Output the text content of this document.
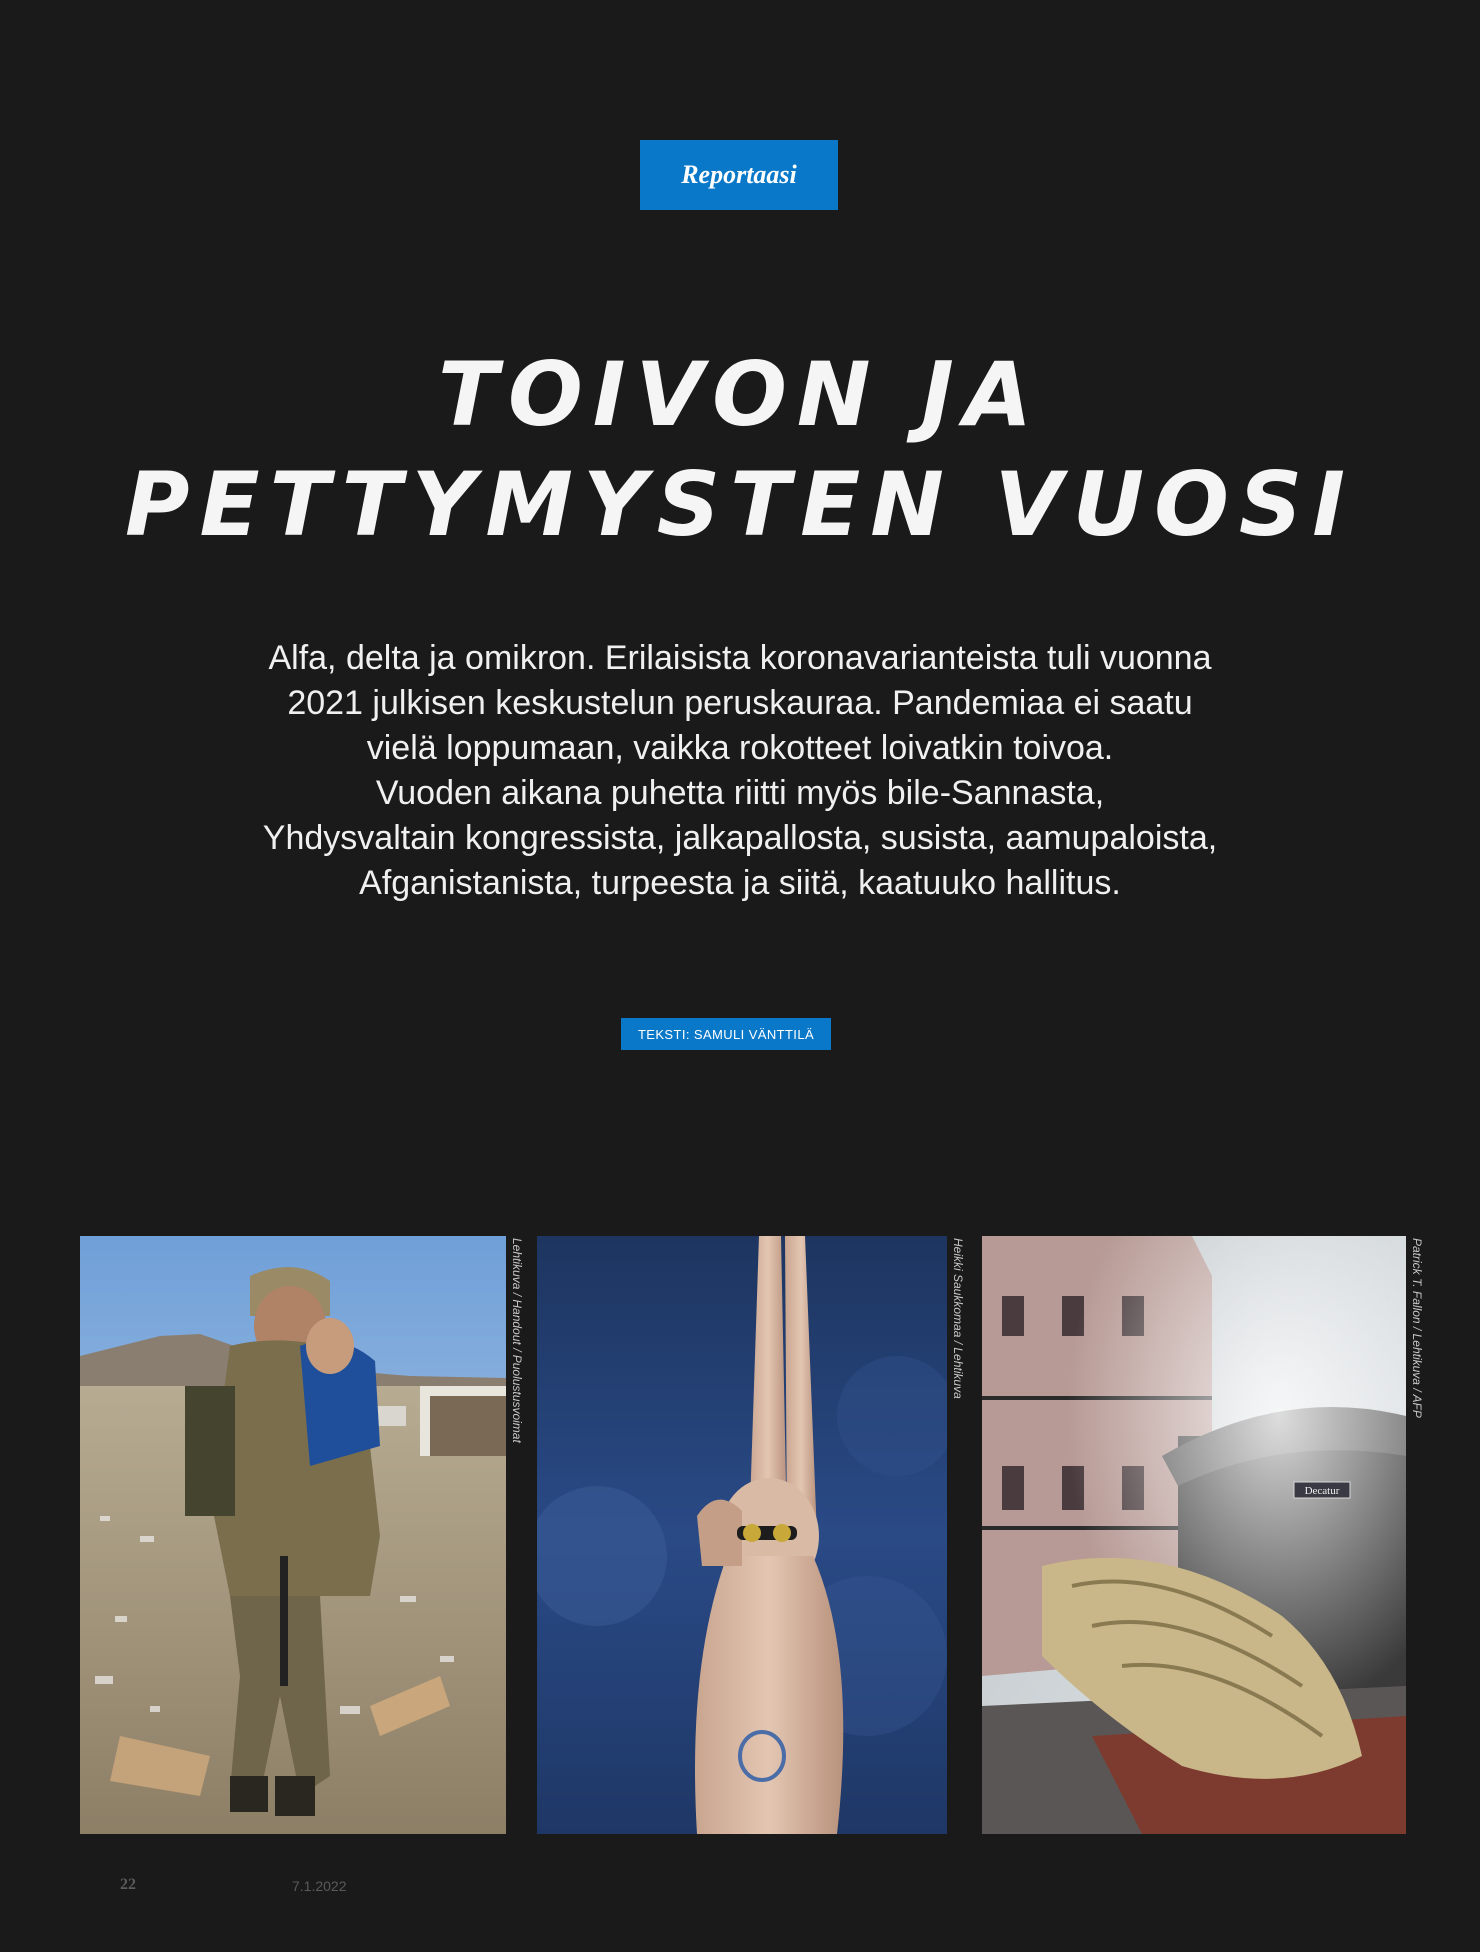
Reportaasi
TOIVON JA
PETTYMYSTEN VUOSI

Alfa, delta ja omikron. Erilaisista koronavarianteista tuli vuonna
2021 julkisen keskustelun peruskauraa. Pandemiaa ei saatu
vielä loppumaan, vaikka rokotteet loivatkin toivoa.
Vuoden aikana puhetta riitti myös bile-Sannasta,
Yhdysvaltain kongressista, jalkapallosta, susista, aamupaloista,
Afganistanista, turpeesta ja siitä, kaatuuko hallitus.

TEKSTI: SAMULI VÄNTTILÄ
Lehtikuva / Handout / Puolustusvoimat	Heikki Saukkomaa / Lehtikuva
Decatur
Patrick T. Fallon / Lehtikuva / AFP
22	7.1.2022
